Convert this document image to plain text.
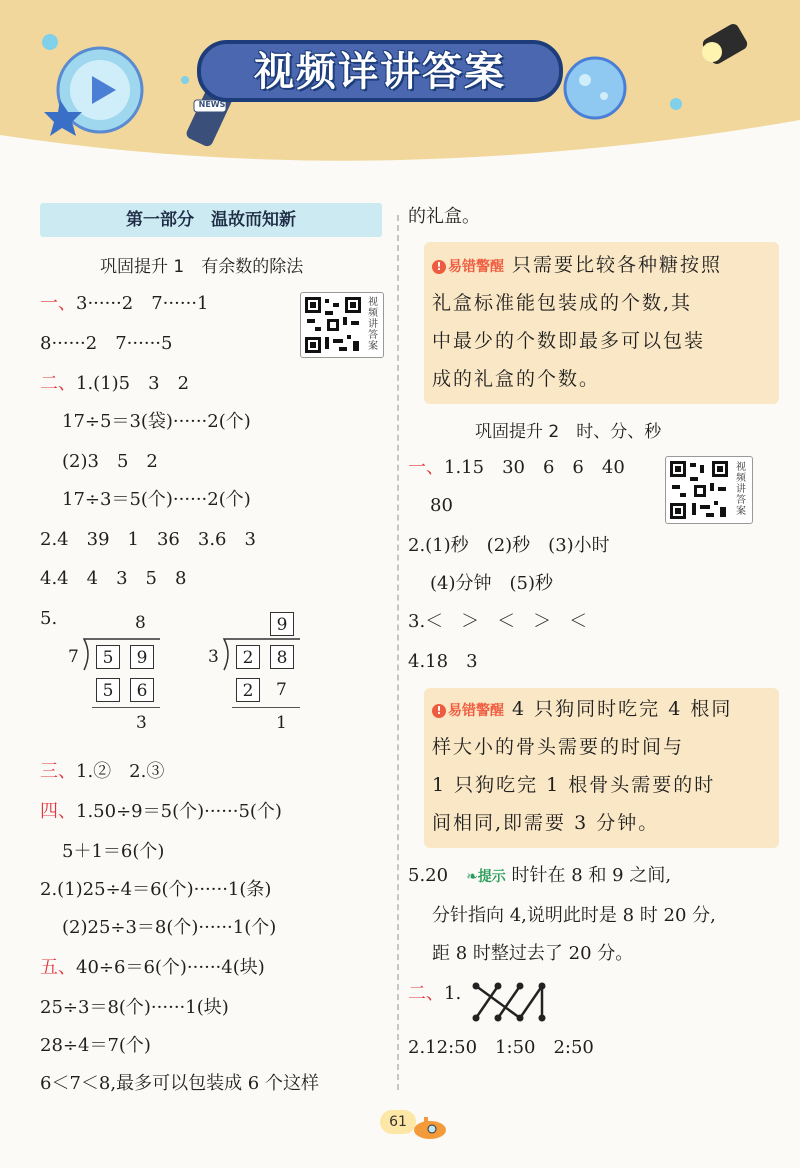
视频详讲答案
NEWS
第一部分　温故而知新
巩固提升 1　有余数的除法
视频讲答案
一、3······2　7······1
8······2　7······5
二、1.(1)5　3　2
17÷5＝3(袋)······2(个)
(2)3　5　2
17÷3＝5(个)······2(个)
2.4　39　1　36　3.6　3
4.4　4　3　5　8
5.	8
7	5	9
5	6
3
9
3	2	8
2	7
1
三、1.②　2.③
四、1.50÷9＝5(个)······5(个)
5＋1＝6(个)
2.(1)25÷4＝6(个)······1(条)
(2)25÷3＝8(个)······1(个)
五、40÷6＝6(个)······4(块)
25÷3＝8(个)······1(块)
28÷4＝7(个)
6＜7＜8,最多可以包装成 6 个这样
的礼盒。
! 易错警醒 只需要比较各种糖按照
礼盒标准能包装成的个数,其
中最少的个数即最多可以包装
成的礼盒的个数。
巩固提升 2　时、分、秒
视频讲答案
一、1.15　30　6　6　40
80
2.(1)秒　(2)秒　(3)小时
(4)分钟　(5)秒
3.＜　＞　＜　＞　＜
4.18　3
! 易错警醒 4 只狗同时吃完 4 根同
样大小的骨头需要的时间与
1 只狗吃完 1 根骨头需要的时
间相同,即需要 3 分钟。
5.20　 ❧提示 时针在 8 和 9 之间,
分针指向 4,说明此时是 8 时 20 分,
距 8 时整过去了 20 分。
二、1.
2.12:50　1:50　2:50
61
